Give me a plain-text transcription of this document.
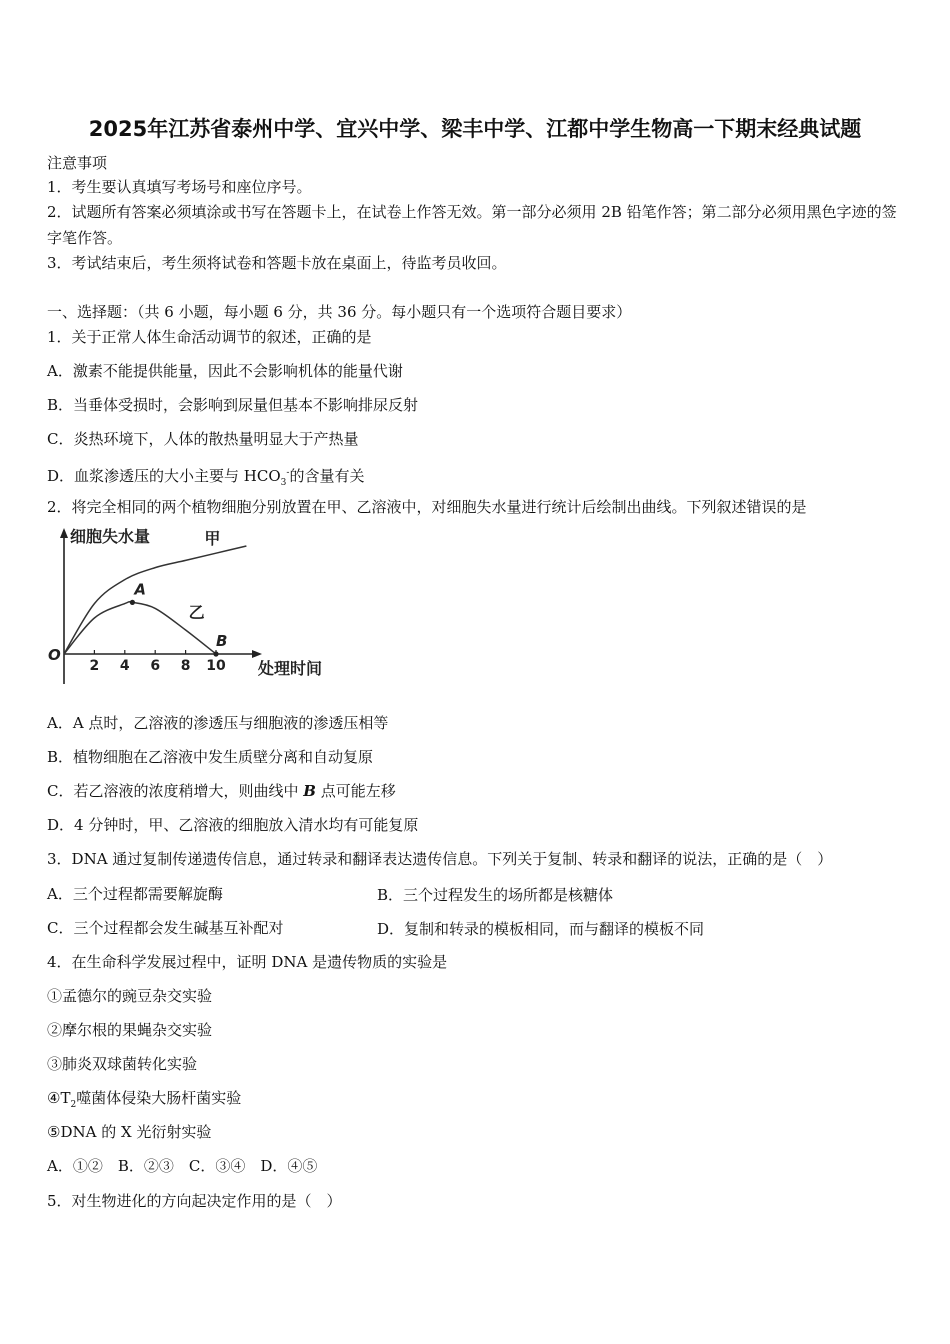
2025年江苏省泰州中学、宜兴中学、梁丰中学、江都中学生物高一下期末经典试题
注意事项
1．考生要认真填写考场号和座位序号。
2．试题所有答案必须填涂或书写在答题卡上，在试卷上作答无效。第一部分必须用 2B 铅笔作答；第二部分必须用黑色字迹的签字笔作答。
3．考试结束后，考生须将试卷和答题卡放在桌面上，待监考员收回。
一、选择题：（共 6 小题，每小题 6 分，共 36 分。每小题只有一个选项符合题目要求）
1．关于正常人体生命活动调节的叙述，正确的是
A．激素不能提供能量，因此不会影响机体的能量代谢
B．当垂体受损时，会影响到尿量但基本不影响排尿反射
C．炎热环境下，人体的散热量明显大于产热量
D．血浆渗透压的大小主要与 $HCO_3^-$的含量有关
2．将完全相同的两个植物细胞分别放置在甲、乙溶液中，对细胞失水量进行统计后绘制出曲线。下列叙述错误的是
2 4 6 8 10
细胞失水量
处理时间
O
甲
乙
A
B
A．A 点时，乙溶液的渗透压与细胞液的渗透压相等
B．植物细胞在乙溶液中发生质壁分离和自动复原
C．若乙溶液的浓度稍增大，则曲线中 B 点可能左移
D．4 分钟时，甲、乙溶液的细胞放入清水均有可能复原
3．DNA 通过复制传递遗传信息，通过转录和翻译表达遗传信息。下列关于复制、转录和翻译的说法，正确的是（　）
A．三个过程都需要解旋酶	B．三个过程发生的场所都是核糖体
C．三个过程都会发生碱基互补配对	D．复制和转录的模板相同，而与翻译的模板不同
4．在生命科学发展过程中，证明 DNA 是遗传物质的实验是
①孟德尔的豌豆杂交实验
②摩尔根的果蝇杂交实验
③肺炎双球菌转化实验
$④T_2$噬菌体侵染大肠杆菌实验
⑤DNA 的 X 光衍射实验
A．①②　B．②③　C．③④　D．④⑤
5．对生物进化的方向起决定作用的是（　）
